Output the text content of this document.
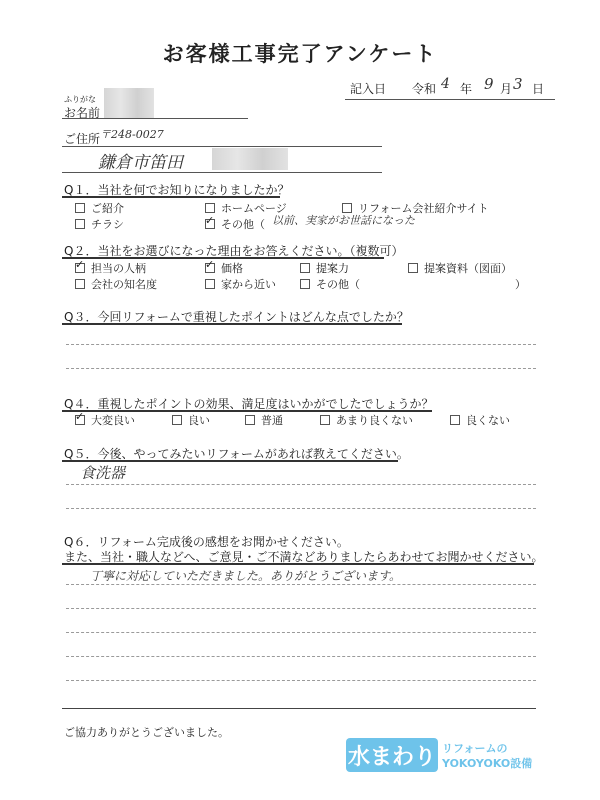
お客様工事完了アンケート
記入日 令和 4 年 9 月 3 日
ふりがな
お名前
ご住所 〒248-0027
鎌倉市笛田
Q１．当社を何でお知りになりましたか？
ご紹介	ホームページ	リフォーム会社紹介サイト
チラシ ✓	その他（ 以前、実家がお世話になった
Q２．当社をお選びになった理由をお答えください。（複数可）
✓
担当の人柄 ✓	価格	提案力	提案資料（図面）
会社の知名度	家から近い	その他（	）
Q３．今回リフォームで重視したポイントはどんな点でしたか？
Q４．重視したポイントの効果、満足度はいかがでしたでしょうか？
✓
大変良い	良い	普通	あまり良くない	良くない
Q５．今後、やってみたいリフォームがあれば教えてください。
食洗器
Q６．リフォーム完成後の感想をお聞かせください。
また、当社・職人などへ、ご意見・ご不満などありましたらあわせてお聞かせください。
丁寧に対応していただきました。ありがとうございます。
ご協力ありがとうございました。
水まわり リフォームの
YOKOYOKO設備
